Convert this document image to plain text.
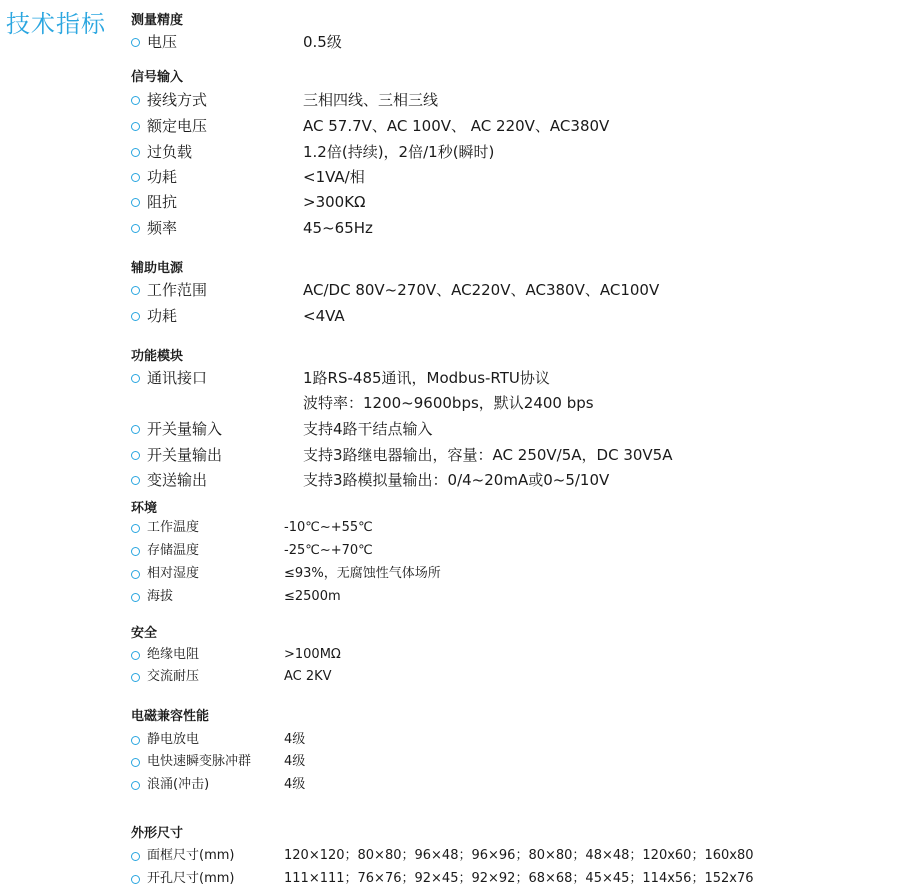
技术指标 测量精度
电压	0.5级
信号输入
接线方式	三相四线、三相三线
额定电压	AC 57.7V、AC 100V、 AC 220V、AC380V
过负载	1.2倍(持续)，2倍/1秒(瞬时)
功耗	<1VA/相
阻抗	>300KΩ
频率	45~65Hz
辅助电源
工作范围	AC/DC 80V~270V、AC220V、AC380V、AC100V
功耗	<4VA
功能模块
通讯接口	1路RS-485通讯，Modbus-RTU协议
波特率：1200~9600bps，默认2400 bps
开关量输入	支持4路干结点输入
开关量输出	支持3路继电器输出，容量：AC 250V/5A，DC 30V5A
变送输出	支持3路模拟量输出：0/4~20mA或0~5/10V
环境
工作温度	-10℃~+55℃
存储温度	-25℃~+70℃
相对湿度	≤93%，无腐蚀性气体场所
海拔	≤2500m
安全
绝缘电阻	>100MΩ
交流耐压	AC 2KV
电磁兼容性能
静电放电	4级
电快速瞬变脉冲群	4级
浪涌(冲击)	4级
外形尺寸
面框尺寸(mm)	120×120；80×80；96×48；96×96；80×80；48×48；120x60；160x80
开孔尺寸(mm)	111×111；76×76；92×45；92×92；68×68；45×45；114x56；152x76
